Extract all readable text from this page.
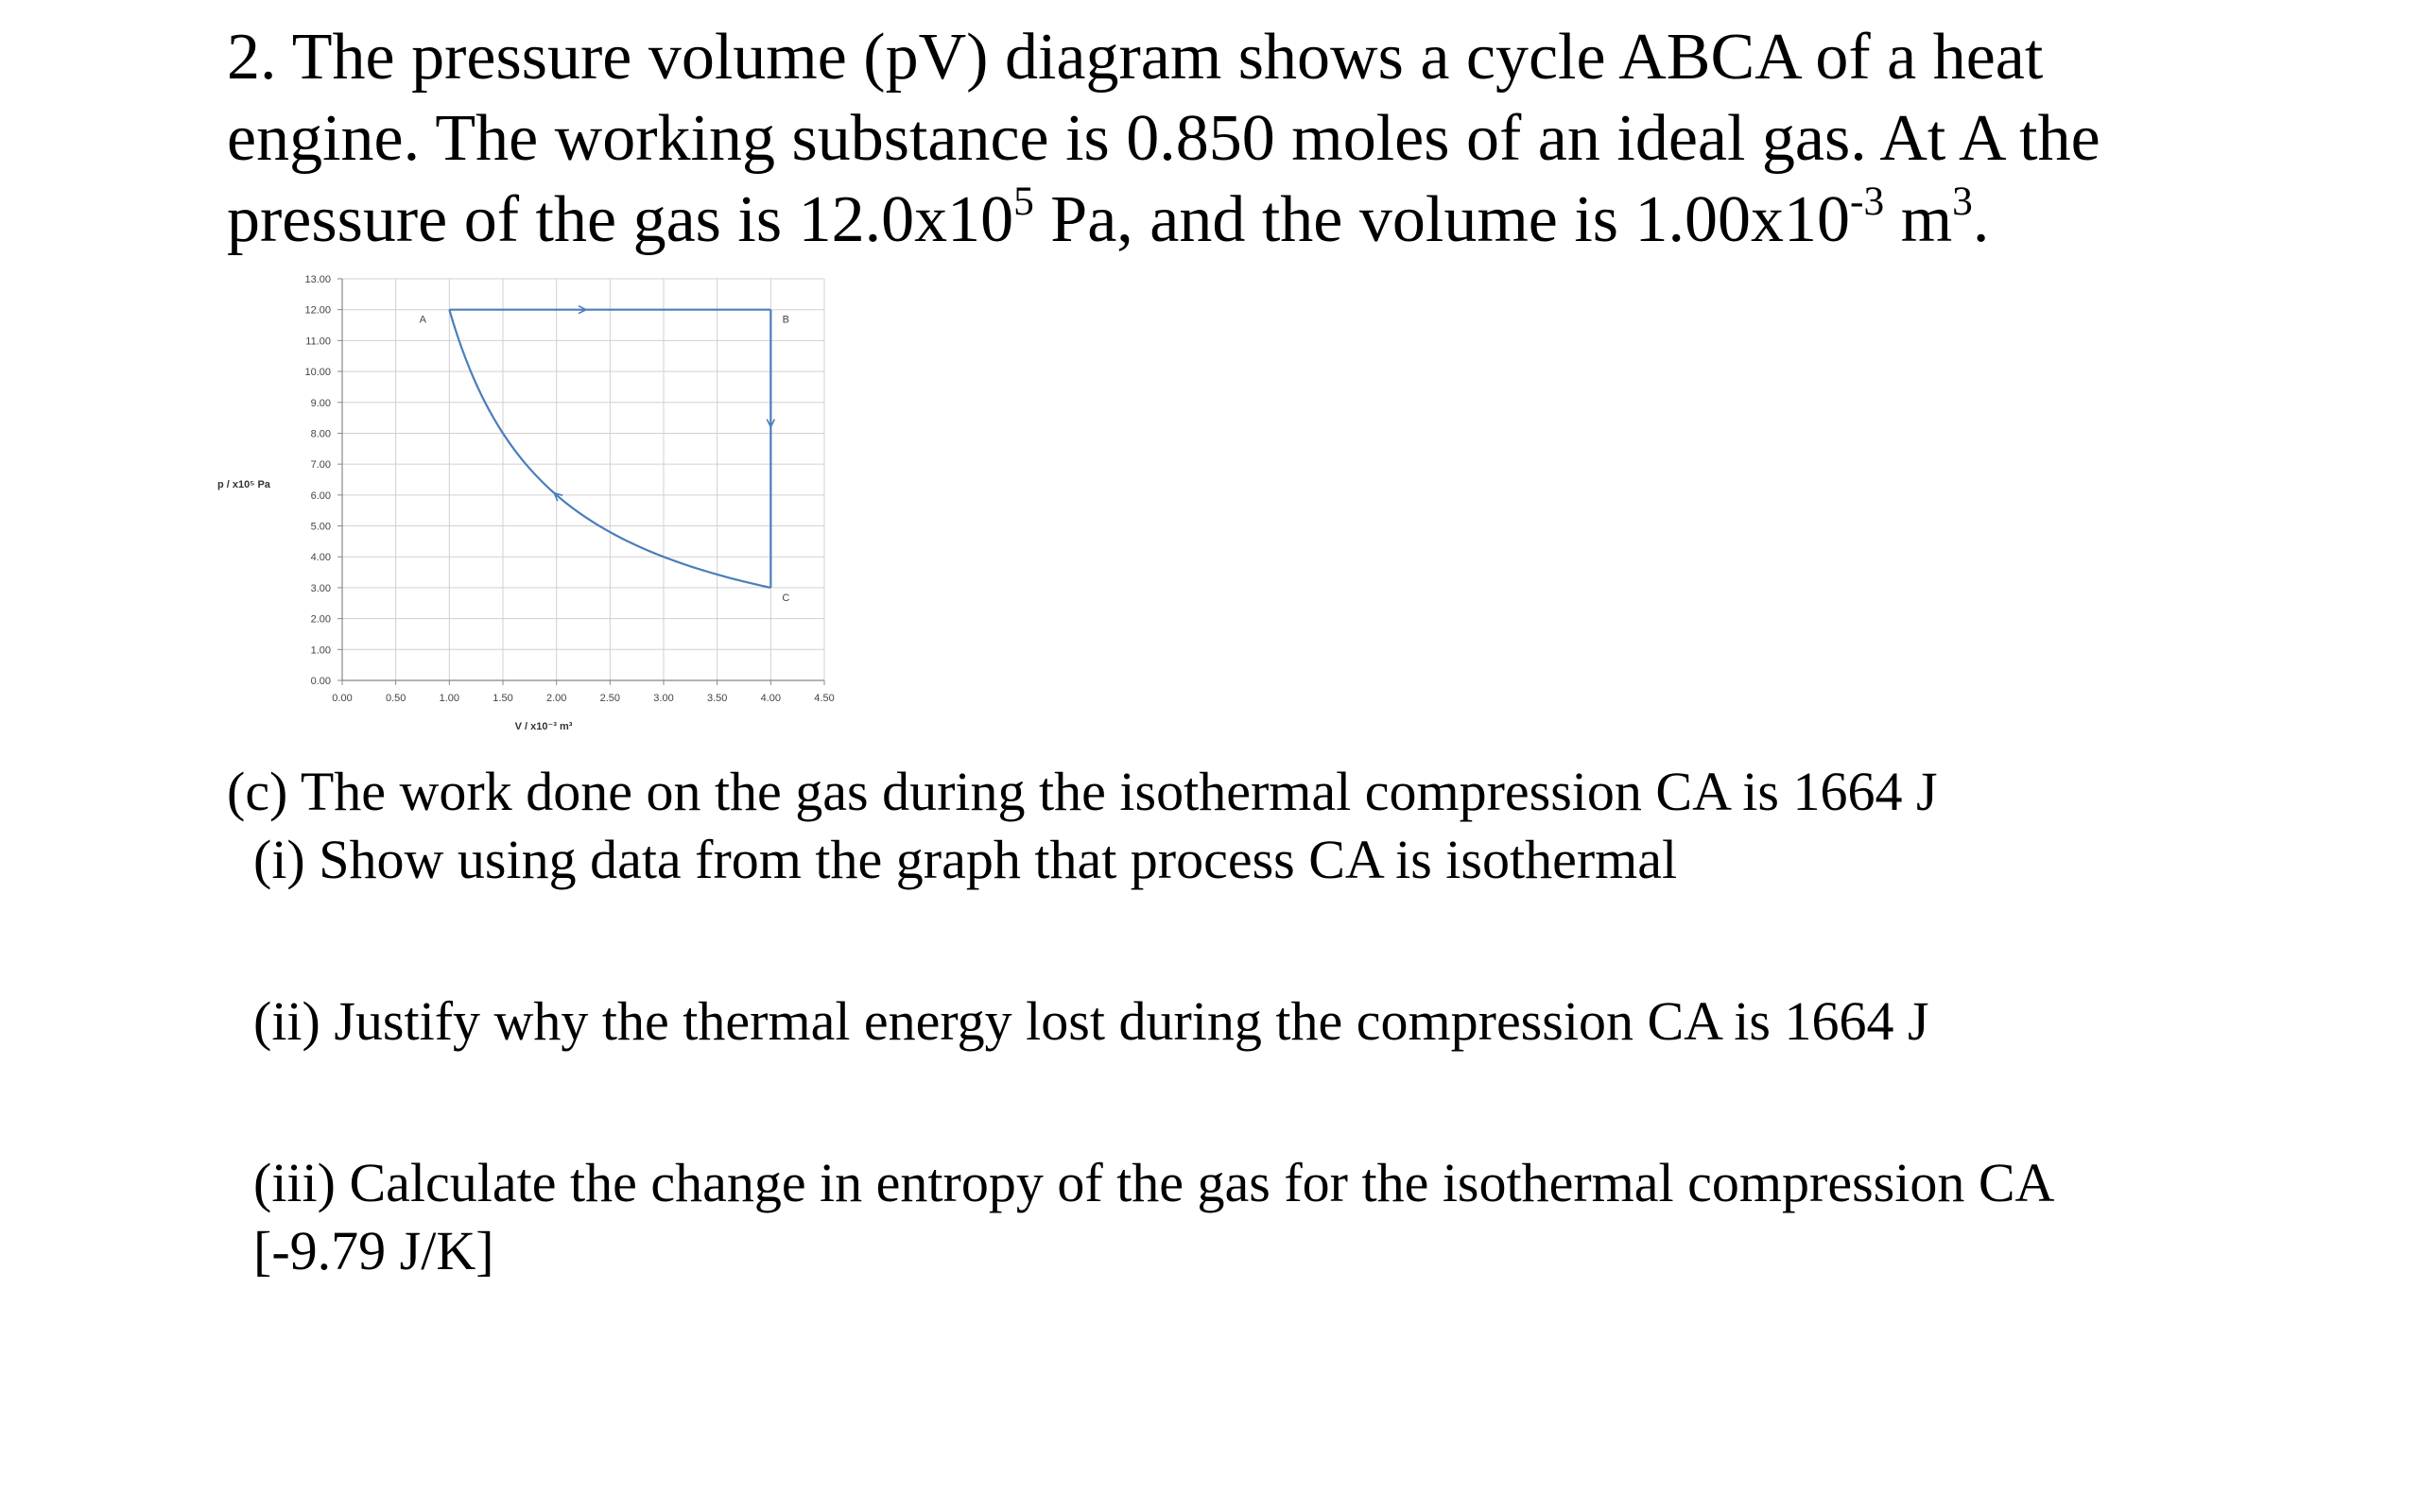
2. The pressure volume (pV) diagram shows a cycle ABCA of a heat

engine. The working substance is 0.850 moles of an ideal gas. At A the

pressure of the gas is $12.0x10^5$ Pa, and the volume is $1.00x10^{-3}$ $m^3$.

0.00
1.00
2.00
3.00
4.00
5.00
6.00
7.00
8.00
9.00
10.00
11.00
12.00
13.00
0.00	0.50	1.00	1.50	2.00	2.50	3.00	3.50	4.00	4.50
p / x10⁵ Pa
V / x10⁻³ m³
A	B
C

(c) The work done on the gas during the isothermal compression CA is 1664 J

(i) Show using data from the graph that process CA is isothermal

(ii) Justify why the thermal energy lost during the compression CA is 1664 J

(iii) Calculate the change in entropy of the gas for the isothermal compression CA

[-9.79 J/K]
